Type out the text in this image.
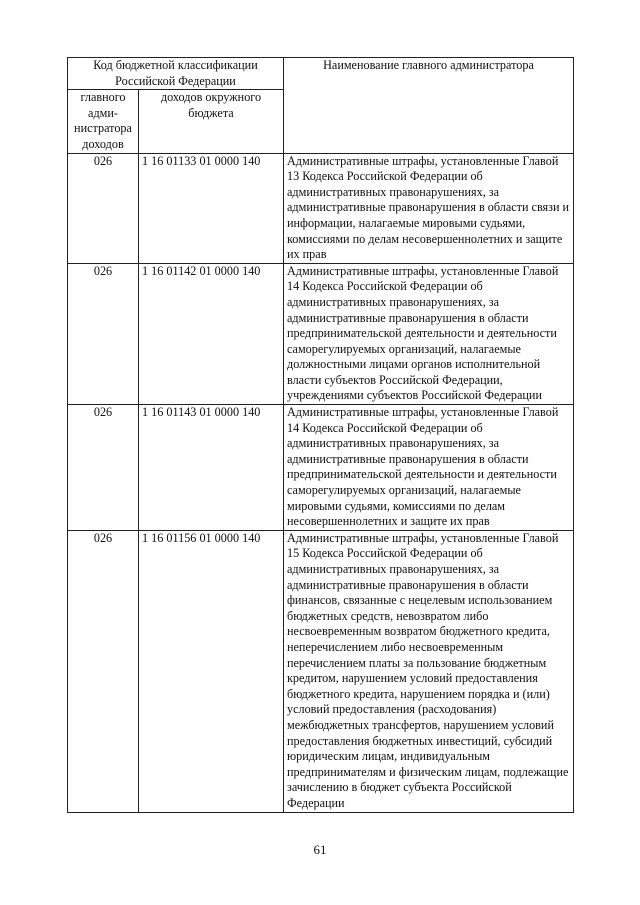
Код бюджетной классификации Российской Федерации		Наименование главного администратора
главного адми-нистратора доходов	доходов окружного бюджета	
026	1 16 01133 01 0000 140	Административные штрафы, установленные Главой 13 Кодекса Российской Федерации об административных правонарушениях, за административные правонарушения в области связи и информации, налагаемые мировыми судьями, комиссиями по делам несовершеннолетних и защите их прав
026	1 16 01142 01 0000 140	Административные штрафы, установленные Главой 14 Кодекса Российской Федерации об административных правонарушениях, за административные правонарушения в области предпринимательской деятельности и деятельности саморегулируемых организаций, налагаемые должностными лицами органов исполнительной власти субъектов Российской Федерации, учреждениями субъектов Российской Федерации
026	1 16 01143 01 0000 140	Административные штрафы, установленные Главой 14 Кодекса Российской Федерации об административных правонарушениях, за административные правонарушения в области предпринимательской деятельности и деятельности саморегулируемых организаций, налагаемые мировыми судьями, комиссиями по делам несовершеннолетних и защите их прав
026	1 16 01156 01 0000 140	Административные штрафы, установленные Главой 15 Кодекса Российской Федерации об административных правонарушениях, за административные правонарушения в области финансов, связанные с нецелевым использованием бюджетных средств, невозвратом либо несвоевременным возвратом бюджетного кредита, неперечислением либо несвоевременным перечислением платы за пользование бюджетным кредитом, нарушением условий предоставления бюджетного кредита, нарушением порядка и (или) условий предоставления (расходования) межбюджетных трансфертов, нарушением условий предоставления бюджетных инвестиций, субсидий юридическим лицам, индивидуальным предпринимателям и физическим лицам, подлежащие зачислению в бюджет субъекта Российской Федерации
61
